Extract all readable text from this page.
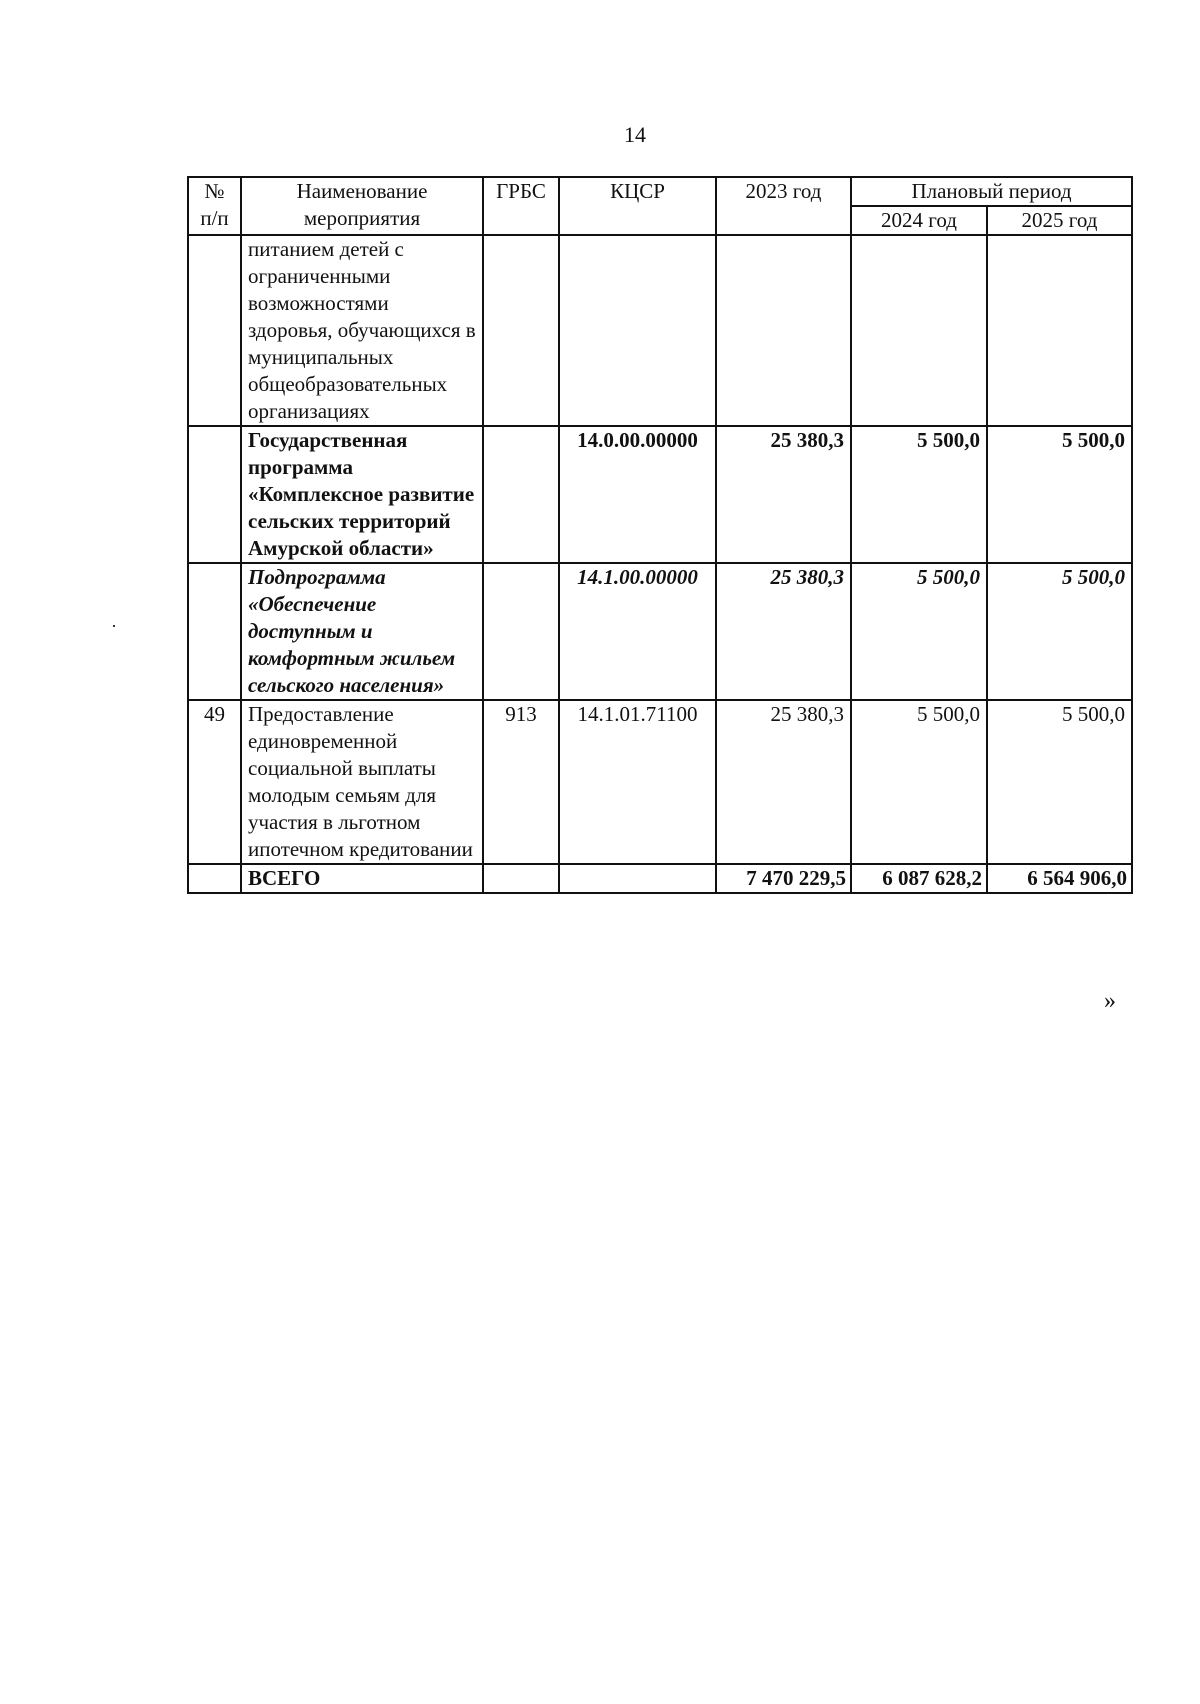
14
№ п/п	Наименование мероприятия	ГРБС	КЦСР	2023 год	Плановый период	
					2024 год	2025 год
	питанием детей с ограниченными возможностями здоровья, обучающихся в муниципальных общеобразовательных организациях					
	Государственная программа «Комплексное развитие сельских территорий Амурской области»		14.0.00.00000	25 380,3	5 500,0	5 500,0
	Подпрограмма «Обеспечение доступным и комфортным жильем сельского населения»		14.1.00.00000	25 380,3	5 500,0	5 500,0
49	Предоставление единовременной социальной выплаты молодым семьям для участия в льготном ипотечном кредитовании	913	14.1.01.71100	25 380,3	5 500,0	5 500,0
	ВСЕГО			7 470 229,5	6 087 628,2	6 564 906,0
»
